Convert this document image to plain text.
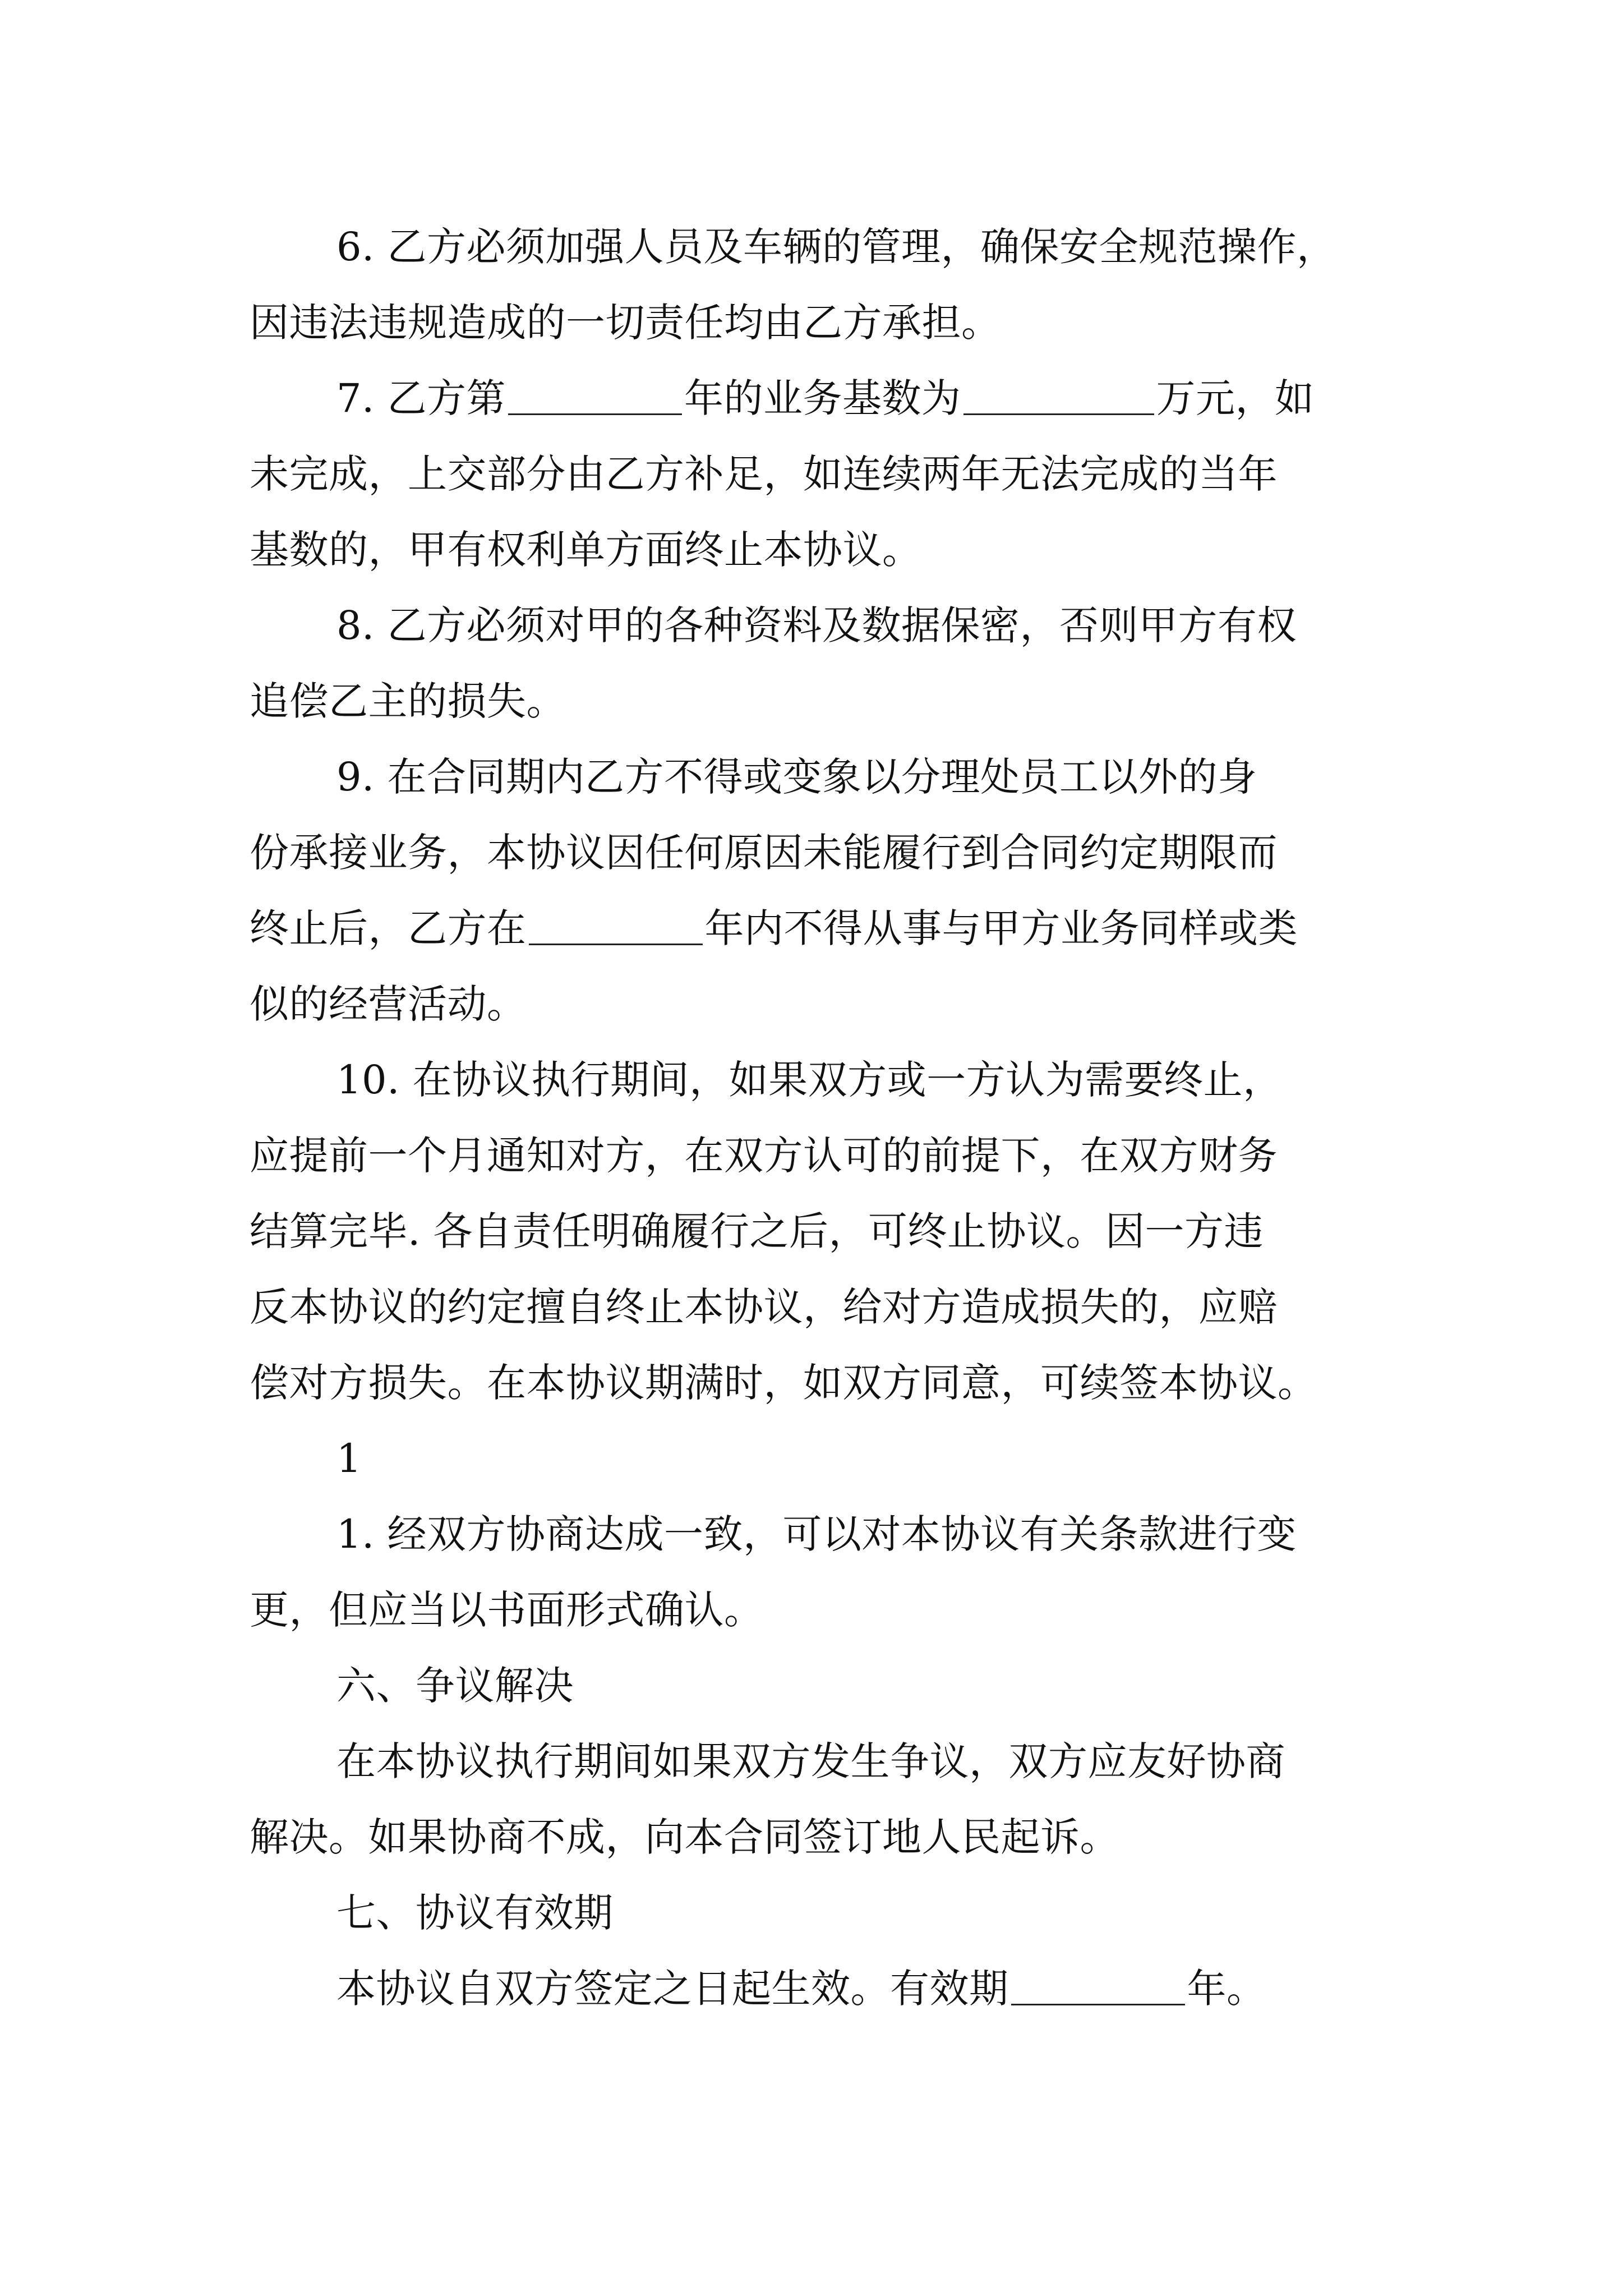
6. 乙方必须加强人员及车辆的管理，确保安全规范操作，
因违法违规造成的一切责任均由乙方承担。
7. 乙方第	年的业务基数为	万元，如
未完成，上交部分由乙方补足，如连续两年无法完成的当年
基数的，甲有权利单方面终止本协议。
8. 乙方必须对甲的各种资料及数据保密，否则甲方有权
追偿乙主的损失。
9. 在合同期内乙方不得或变象以分理处员工以外的身
份承接业务，本协议因任何原因未能履行到合同约定期限而
终止后，乙方在	年内不得从事与甲方业务同样或类
似的经营活动。
10. 在协议执行期间，如果双方或一方认为需要终止，
应提前一个月通知对方，在双方认可的前提下，在双方财务
结算完毕. 各自责任明确履行之后，可终止协议。因一方违
反本协议的约定擅自终止本协议，给对方造成损失的，应赔
偿对方损失。在本协议期满时，如双方同意，可续签本协议。
1
1. 经双方协商达成一致，可以对本协议有关条款进行变
更，但应当以书面形式确认。
六、争议解决
在本协议执行期间如果双方发生争议，双方应友好协商
解决。如果协商不成，向本合同签订地人民起诉。
七、协议有效期
本协议自双方签定之日起生效。有效期	年。
